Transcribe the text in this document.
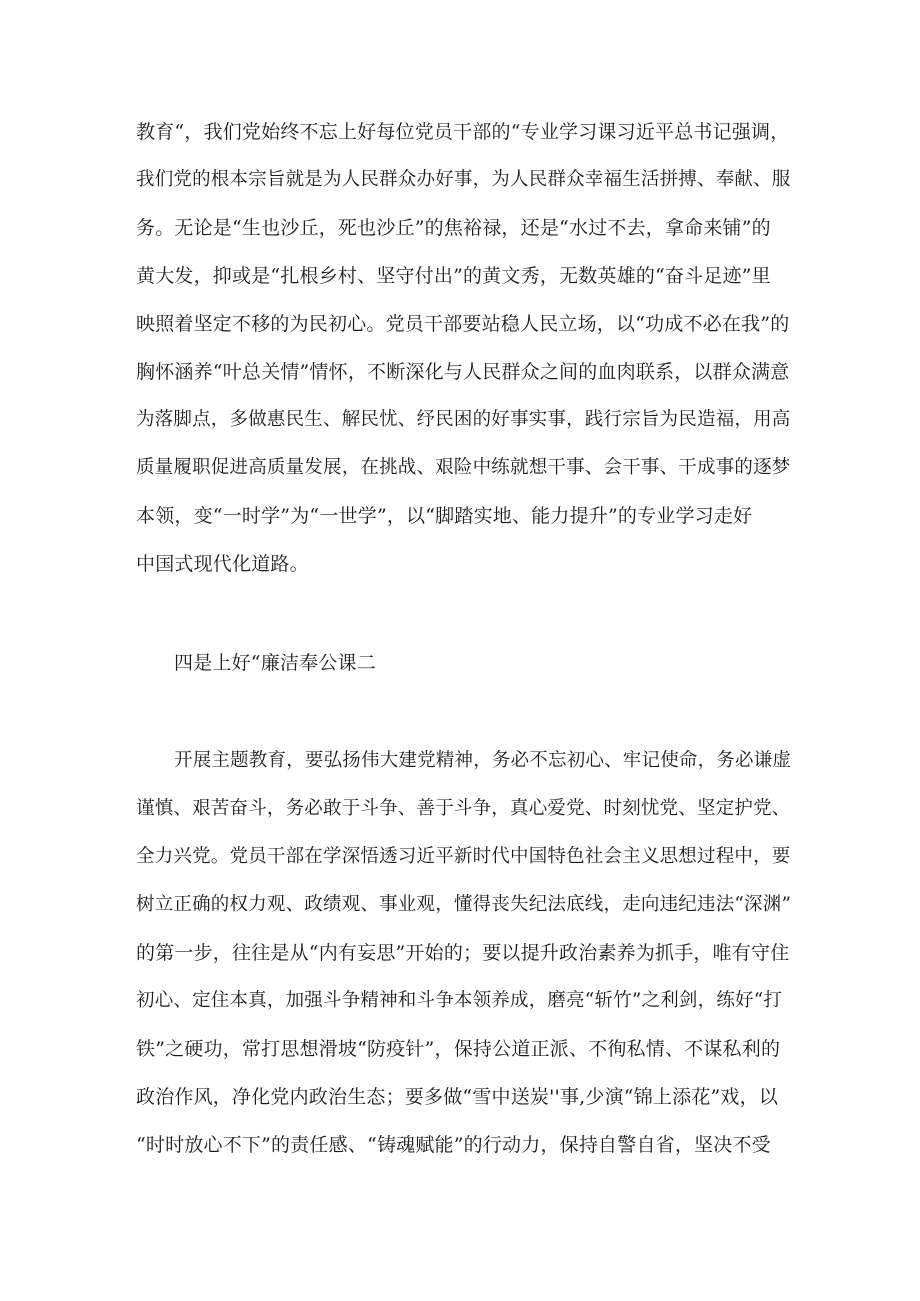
教育“，我们党始终不忘上好每位党员干部的“专业学习课习近平总书记强调，
我们党的根本宗旨就是为人民群众办好事，为人民群众幸福生活拼搏、奉献、服
务。无论是“生也沙丘，死也沙丘”的焦裕禄，还是“水过不去，拿命来铺”的
黄大发，抑或是“扎根乡村、坚守付出”的黄文秀，无数英雄的“奋斗足迹”里
映照着坚定不移的为民初心。党员干部要站稳人民立场，以“功成不必在我”的
胸怀涵养“叶总关情”情怀，不断深化与人民群众之间的血肉联系，以群众满意
为落脚点，多做惠民生、解民忧、纾民困的好事实事，践行宗旨为民造福，用高
质量履职促进高质量发展，在挑战、艰险中练就想干事、会干事、干成事的逐梦
本领，变“一时学”为“一世学”，以“脚踏实地、能力提升”的专业学习走好
中国式现代化道路。
四是上好“廉洁奉公课二
开展主题教育，要弘扬伟大建党精神，务必不忘初心、牢记使命，务必谦虚
谨慎、艰苦奋斗，务必敢于斗争、善于斗争，真心爱党、时刻忧党、坚定护党、
全力兴党。党员干部在学深悟透习近平新时代中国特色社会主义思想过程中，要
树立正确的权力观、政绩观、事业观，懂得丧失纪法底线，走向违纪违法“深渊”
的第一步，往往是从“内有妄思”开始的；要以提升政治素养为抓手，唯有守住
初心、定住本真，加强斗争精神和斗争本领养成，磨亮“斩竹”之利剑，练好“打
铁”之硬功，常打思想滑坡“防疫针”，保持公道正派、不徇私情、不谋私利的
政治作风，净化党内政治生态；要多做“雪中送炭''事,少演“锦上添花”戏，以
“时时放心不下”的责任感、“铸魂赋能”的行动力，保持自警自省，坚决不受
